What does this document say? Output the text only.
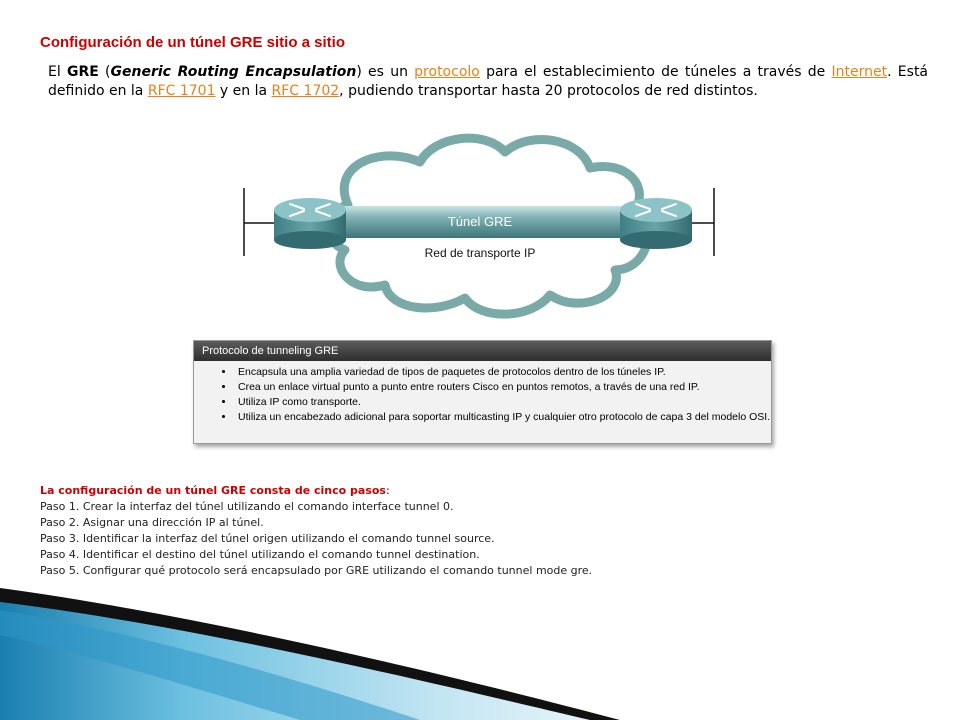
Configuración de un túnel GRE sitio a sitio
El GRE (Generic Routing Encapsulation) es un protocolo para el establecimiento de túneles a través de Internet. Está definido en la RFC 1701 y en la RFC 1702, pudiendo transportar hasta 20 protocolos de red distintos.
Túnel GRE
Red de transporte IP
Protocolo de tunneling GRE
• Encapsula una amplia variedad de tipos de paquetes de protocolos dentro de los túneles IP.
• Crea un enlace virtual punto a punto entre routers Cisco en puntos remotos, a través de una red IP.
• Utiliza IP como transporte.
• Utiliza un encabezado adicional para soportar multicasting IP y cualquier otro protocolo de capa 3 del modelo OSI.
La configuración de un túnel GRE consta de cinco pasos:
Paso 1. Crear la interfaz del túnel utilizando el comando interface tunnel 0.
Paso 2. Asignar una dirección IP al túnel.
Paso 3. Identificar la interfaz del túnel origen utilizando el comando tunnel source.
Paso 4. Identificar el destino del túnel utilizando el comando tunnel destination.
Paso 5. Configurar qué protocolo será encapsulado por GRE utilizando el comando tunnel mode gre.
